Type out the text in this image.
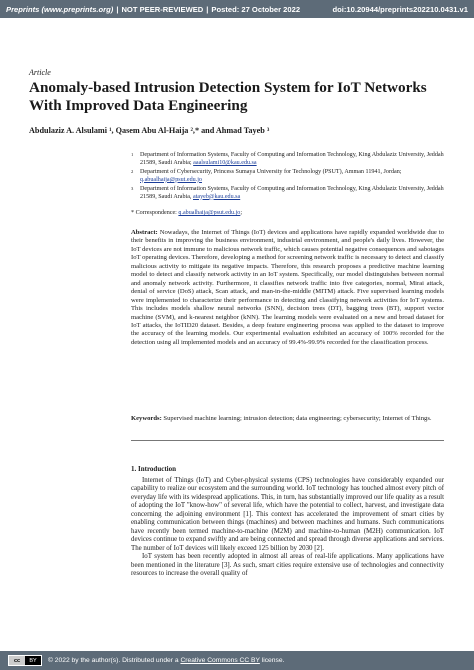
Preprints (www.preprints.org) | NOT PEER-REVIEWED | Posted: 27 October 2022	doi:10.20944/preprints202210.0431.v1
Article
Anomaly-based Intrusion Detection System for IoT Networks With Improved Data Engineering
Abdulaziz A. Alsulami ¹, Qasem Abu Al-Haija ²,* and Ahmad Tayeb ³
1	Department of Information Systems, Faculty of Computing and Information Technology, King Abdulaziz University, Jeddah 21589, Saudi Arabia; aaalsulami10@kau.edu.sa
2	Department of Cybersecurity, Princess Sumaya University for Technology (PSUT), Amman 11941, Jordan; q.abualhaija@psut.edu.jo
3	Department of Information Systems, Faculty of Computing and Information Technology, King Abdulaziz University, Jeddah 21589, Saudi Arabia, atayeb@kau.edu.sa
* Correspondence: q.abualhaija@psut.edu.jo;
Abstract: Nowadays, the Internet of Things (IoT) devices and applications have rapidly expanded worldwide due to their benefits in improving the business environment, industrial environment, and people's daily lives. However, the IoT devices are not immune to malicious network traffic, which causes potential negative consequences and sabotages IoT operating devices. Therefore, developing a method for screening network traffic is necessary to detect and classify malicious activity to mitigate its negative impacts. Therefore, this research proposes a predictive machine learning model to detect and classify network activity in an IoT system. Specifically, our model distinguishes between normal and anomaly network activity. Furthermore, it classifies network traffic into five categories, normal, Mirai attack, denial of service (DoS) attack, Scan attack, and man-in-the-middle (MITM) attack. Five supervised learning models were implemented to characterize their performance in detecting and classifying network activities for IoT systems. This includes models shallow neural networks (SNN), decision trees (DT), bagging trees (BT), support vector machine (SVM), and k-nearest neighbor (kNN). The learning models were evaluated on a new and broad dataset for IoT attacks, the IoTID20 dataset. Besides, a deep feature engineering process was applied to the dataset to improve the accuracy of the learning models. Our experimental evaluation exhibited an accuracy of 100% recorded for the detection using all implemented models and an accuracy of 99.4%-99.9% recorded for the classification process.
Keywords: Supervised machine learning; intrusion detection; data engineering; cybersecurity; Internet of Things.
1. Introduction

Internet of Things (IoT) and Cyber-physical systems (CPS) technologies have considerably expanded our capability to realize our ecosystem and the surrounding world. IoT technology has touched almost every pitch of everyday life with its widespread applications. This, in turn, has substantially improved our life quality as a result of adopting the IoT "know-how" of several life, which have the potential to collect, harvest, and investigate data concerning the adjoining environment [1]. This context has accelerated the improvement of smart cities by enabling communication between things (machines) and between machines and humans. Such communications have recently been termed machine-to-machine (M2M) and machine-to-human (M2H) communication. IoT devices continue to expand swiftly and are being connected and spread through diverse applications and services. The number of IoT devices will likely exceed 125 billion by 2030 [2].

IoT system has been recently adopted in almost all areas of real-life applications. Many applications have been mentioned in the literature [3]. As such, smart cities require extensive use of technologies and connectivity resources to increase the overall quality of

cc	BY	© 2022 by the author(s). Distributed under a Creative Commons CC BY license.
